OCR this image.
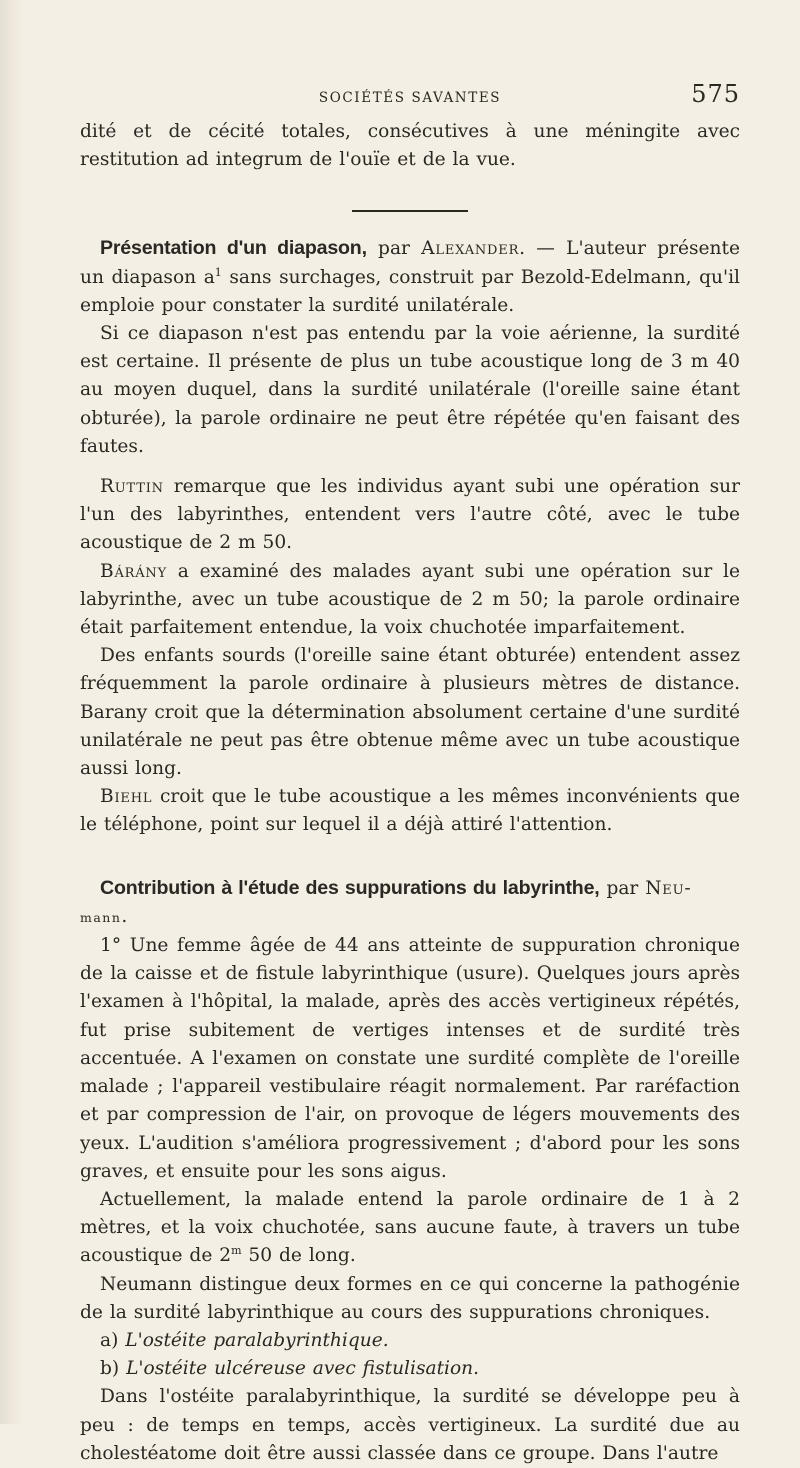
SOCIÉTÉS SAVANTES	575

dité et de cécité totales, consécutives à une méningite avec restitution ad integrum de l'ouïe et de la vue.

Présentation d'un diapason, par Alexander. — L'auteur présente un diapason $a^1$ sans surchages, construit par Bezold-Edelmann, qu'il emploie pour constater la surdité unilatérale.

Si ce diapason n'est pas entendu par la voie aérienne, la surdité est certaine. Il présente de plus un tube acoustique long de 3 m 40 au moyen duquel, dans la surdité unilatérale (l'oreille saine étant obturée), la parole ordinaire ne peut être répétée qu'en faisant des fautes.

Ruttin remarque que les individus ayant subi une opération sur l'un des labyrinthes, entendent vers l'autre côté, avec le tube acoustique de 2 m 50.

Bárány a examiné des malades ayant subi une opération sur le labyrinthe, avec un tube acoustique de 2 m 50; la parole ordinaire était parfaitement entendue, la voix chuchotée imparfaitement.

Des enfants sourds (l'oreille saine étant obturée) entendent assez fréquemment la parole ordinaire à plusieurs mètres de distance. Barany croit que la détermination absolument certaine d'une surdité unilatérale ne peut pas être obtenue même avec un tube acoustique aussi long.

Biehl croit que le tube acoustique a les mêmes inconvénients que le téléphone, point sur lequel il a déjà attiré l'attention.

Contribution à l'étude des suppurations du labyrinthe, par Neu-
mann.

1° Une femme âgée de 44 ans atteinte de suppuration chronique de la caisse et de fistule labyrinthique (usure). Quelques jours après l'examen à l'hôpital, la malade, après des accès vertigineux répétés, fut prise subitement de vertiges intenses et de surdité très accentuée. A l'examen on constate une surdité complète de l'oreille malade ; l'appareil vestibulaire réagit normalement. Par raréfaction et par compression de l'air, on provoque de légers mouvements des yeux. L'audition s'améliora progressivement ; d'abord pour les sons graves, et ensuite pour les sons aigus.

Actuellement, la malade entend la parole ordinaire de 1 à 2 mètres, et la voix chuchotée, sans aucune faute, à travers un tube acoustique de 2$^m$ 50 de long.

Neumann distingue deux formes en ce qui concerne la pathogénie de la surdité labyrinthique au cours des suppurations chroniques.

a) L'ostéite paralabyrinthique.

b) L'ostéite ulcéreuse avec fistulisation.

Dans l'ostéite paralabyrinthique, la surdité se développe peu à peu : de temps en temps, accès vertigineux. La surdité due au cholestéatome doit être aussi classée dans ce groupe. Dans l'autre
